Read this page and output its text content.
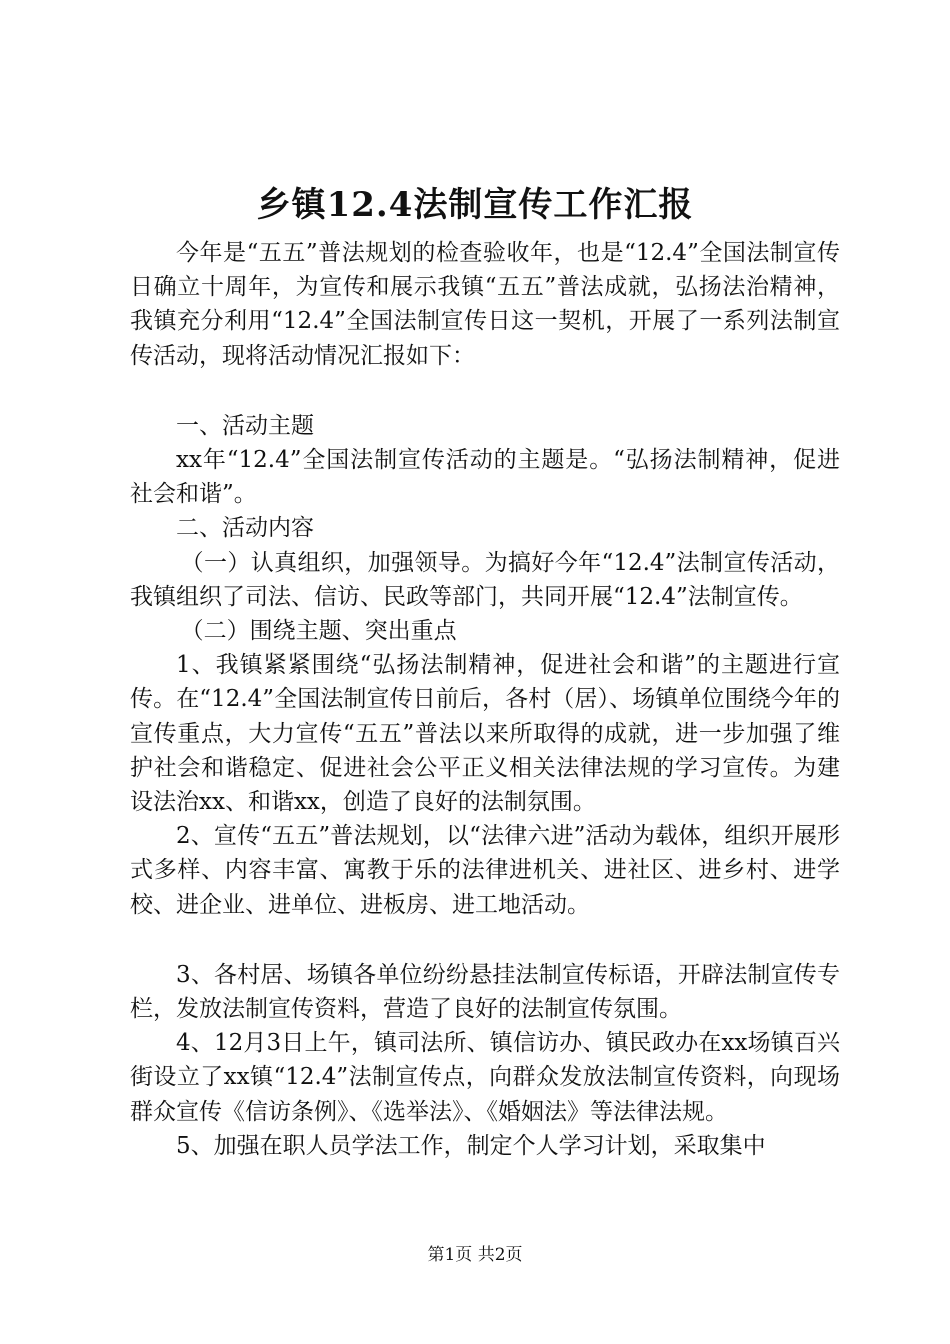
乡镇12.4法制宣传工作汇报

今年是“五五”普法规划的检查验收年，也是“12.4”全国法制宣传日确立十周年，为宣传和展示我镇“五五”普法成就，弘扬法治精神，我镇充分利用“12.4”全国法制宣传日这一契机，开展了一系列法制宣传活动，现将活动情况汇报如下：

一、活动主题

xx年“12.4”全国法制宣传活动的主题是。“弘扬法制精神，促进社会和谐”。

二、活动内容

（一）认真组织，加强领导。为搞好今年“12.4”法制宣传活动，我镇组织了司法、信访、民政等部门，共同开展“12.4”法制宣传。

（二）围绕主题、突出重点

1、我镇紧紧围绕“弘扬法制精神，促进社会和谐”的主题进行宣传。在“12.4”全国法制宣传日前后，各村（居）、场镇单位围绕今年的宣传重点，大力宣传“五五”普法以来所取得的成就，进一步加强了维护社会和谐稳定、促进社会公平正义相关法律法规的学习宣传。为建设法治xx、和谐xx，创造了良好的法制氛围。

2、宣传“五五”普法规划，以“法律六进”活动为载体，组织开展形式多样、内容丰富、寓教于乐的法律进机关、进社区、进乡村、进学校、进企业、进单位、进板房、进工地活动。

3、各村居、场镇各单位纷纷悬挂法制宣传标语，开辟法制宣传专栏，发放法制宣传资料，营造了良好的法制宣传氛围。

4、12月3日上午，镇司法所、镇信访办、镇民政办在xx场镇百兴街设立了xx镇“12.4”法制宣传点，向群众发放法制宣传资料，向现场群众宣传《信访条例》、《选举法》、《婚姻法》等法律法规。

5、加强在职人员学法工作，制定个人学习计划，采取集中

第1页 共2页
